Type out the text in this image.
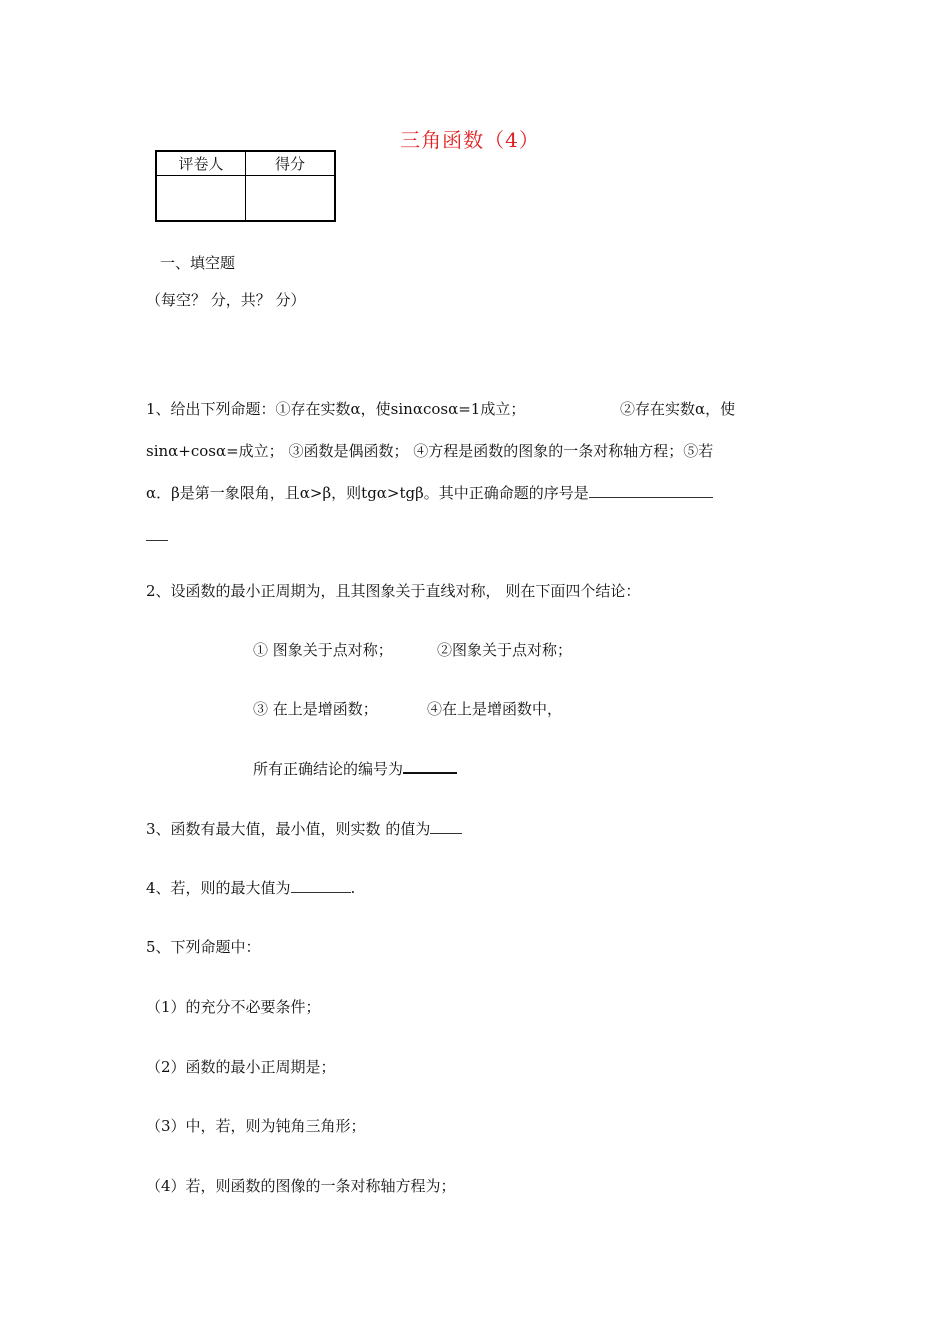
三角函数（4）
评卷人	得分

一、填空题
（每空？ 分，共？ 分）
1、给出下列命题：①存在实数α，使sinαcosα=1成立；	②存在实数α，使
sinα+cosα=成立； ③函数是偶函数； ④方程是函数的图象的一条对称轴方程；⑤若
α．β是第一象限角，且α>β，则tgα>tgβ。其中正确命题的序号是
2、设函数的最小正周期为，且其图象关于直线对称， 则在下面四个结论：
① 图象关于点对称；	②图象关于点对称；
③ 在上是增函数；	④在上是增函数中，
所有正确结论的编号为
3、函数有最大值，最小值，则实数 的值为
4、若，则的最大值为	.
5、下列命题中：
（1）的充分不必要条件；
（2）函数的最小正周期是；
（3）中，若，则为钝角三角形；
（4）若，则函数的图像的一条对称轴方程为；
